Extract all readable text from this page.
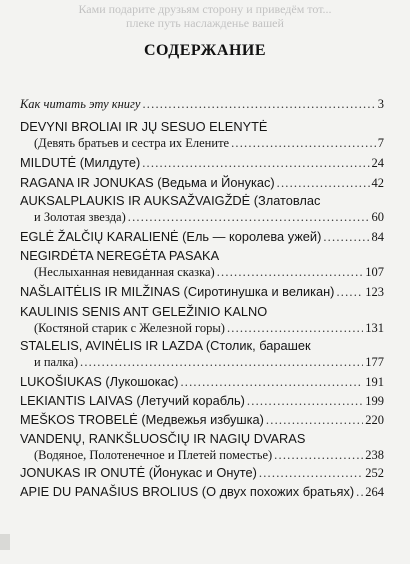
Ками подарите друзьям сторону и приведём тот...
плеке путь наслажденье вашей
СОДЕРЖАНИЕ
Как читать эту книгу .....	3
DEVYNI BROLIAI IR JŲ SESUO ELENYTĖ
(Девять братьев и сестра их Елените .....	7
MILDUTĖ (Милдуте) .....	24
RAGANA IR JONUKAS (Ведьма и Йонукас) .....	42
AUKSALPLAUKIS IR AUKSAŽVAIGŽDĖ (Златовлас
и Золотая звезда) .....	60
EGLĖ ŽALČIŲ KARALIENĖ (Ель — королева ужей) .....	84
NEGIRDĖTA NEREGĖTA PASAKA
(Неслыханная невиданная сказка) .....	107
NAŠLAITĖLIS IR MILŽINAS (Сиротинушка и великан) ..... 123
KAULINIS SENIS ANT GELEŽINIO KALNO
(Костяной старик с Железной горы) .....	131
STALELIS, AVINĖLIS IR LAZDA (Столик, барашек
и палка) .....	177
LUKOŠIUKAS (Лукошокас) .....	191
LEKIANTIS LAIVAS (Летучий корабль) .....	199
MEŠKOS TROBELĖ (Медвежья избушка) .....	220
VANDENŲ, RANKŠLUOSČIŲ IR NAGIŲ DVARAS
(Водяное, Полотенечное и Плетей поместье) .....	238
JONUKAS IR ONUTĖ (Йонукас и Онуте) .....	252
APIE DU PANAŠIUS BROLIUS (О двух похожих братьях) ..... 264
